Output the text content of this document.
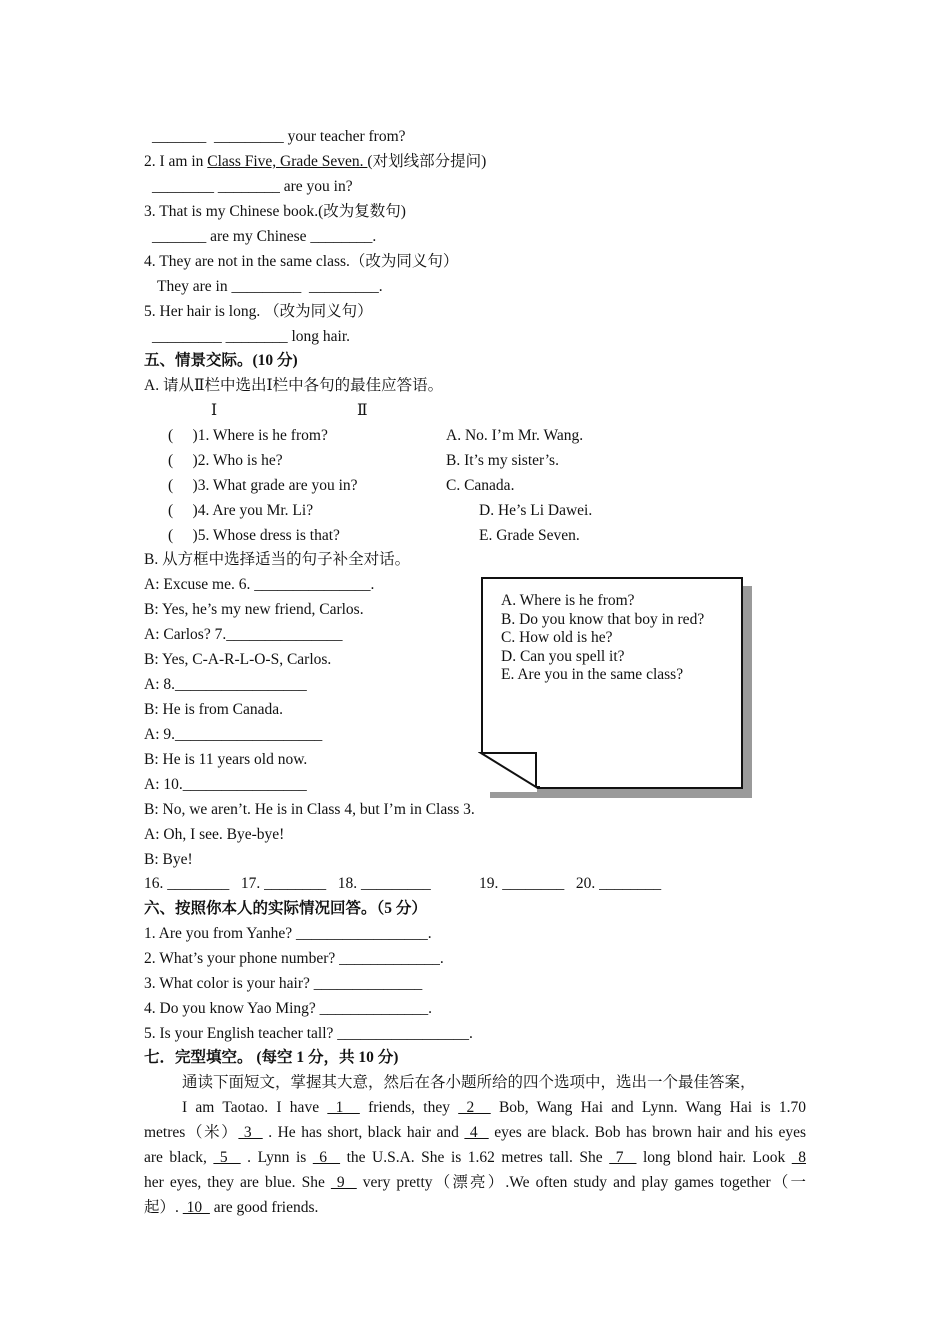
_______  _________ your teacher from?
2. I am in Class Five, Grade Seven. (对划线部分提问)
________ ________ are you in?
3. That is my Chinese book.(改为复数句)
_______ are my Chinese ________.
4. They are not in the same class.（改为同义句）
They are in _________  _________.
5. Her hair is long. （改为同义句）
_________ ________ long hair.
五、情景交际。(10 分)
A. 请从Ⅱ栏中选出Ⅰ栏中各句的最佳应答语。
Ⅰ	Ⅱ
(     )1. Where is he from?
(     )2. Who is he?
(     )3. What grade are you in?
(     )4. Are you Mr. Li?
(     )5. Whose dress is that?
A. No. I’m Mr. Wang.
B. It’s my sister’s.
C. Canada.
D. He’s Li Dawei.
E. Grade Seven.
B. 从方框中选择适当的句子补全对话。
A: Excuse me. 6. _______________.
B: Yes, he’s my new friend, Carlos.
A: Carlos? 7._______________
B: Yes, C-A-R-L-O-S, Carlos.
A: 8._________________
B: He is from Canada.
A: 9.___________________
B: He is 11 years old now.
A: 10.________________
B: No, we aren’t. He is in Class 4, but I’m in Class 3.
A: Oh, I see. Bye-bye!
B: Bye!
A. Where is he from?
B. Do you know that boy in red?
C. How old is he?
D. Can you spell it?
E. Are you in the same class?
16. ________   17. ________   18. _________	19. ________   20. ________
六、按照你本人的实际情况回答。（5 分）
1. Are you from Yanhe? _________________.
2. What’s your phone number? _____________.
3. What color is your hair? ______________
4. Do you know Yao Ming? ______________.
5. Is your English teacher tall? _________________.
七．完型填空。 (每空 1 分，共 10 分)
通读下面短文，掌握其大意，然后在各小题所给的四个选项中，选出一个最佳答案，
I am Taotao. I have  1   friends, they  2   Bob, Wang Hai and Lynn. Wang Hai is 1.70
metres（米） 3   . He has short, black hair and  4   eyes are black. Bob has brown hair and his eyes
are black,  5   . Lynn is  6   the U.S.A. She is 1.62 metres tall. She  7   long blond hair. Look  8
her eyes, they are blue. She  9   very pretty（漂亮）.We often study and play games together（一
起）.  10   are good friends.
